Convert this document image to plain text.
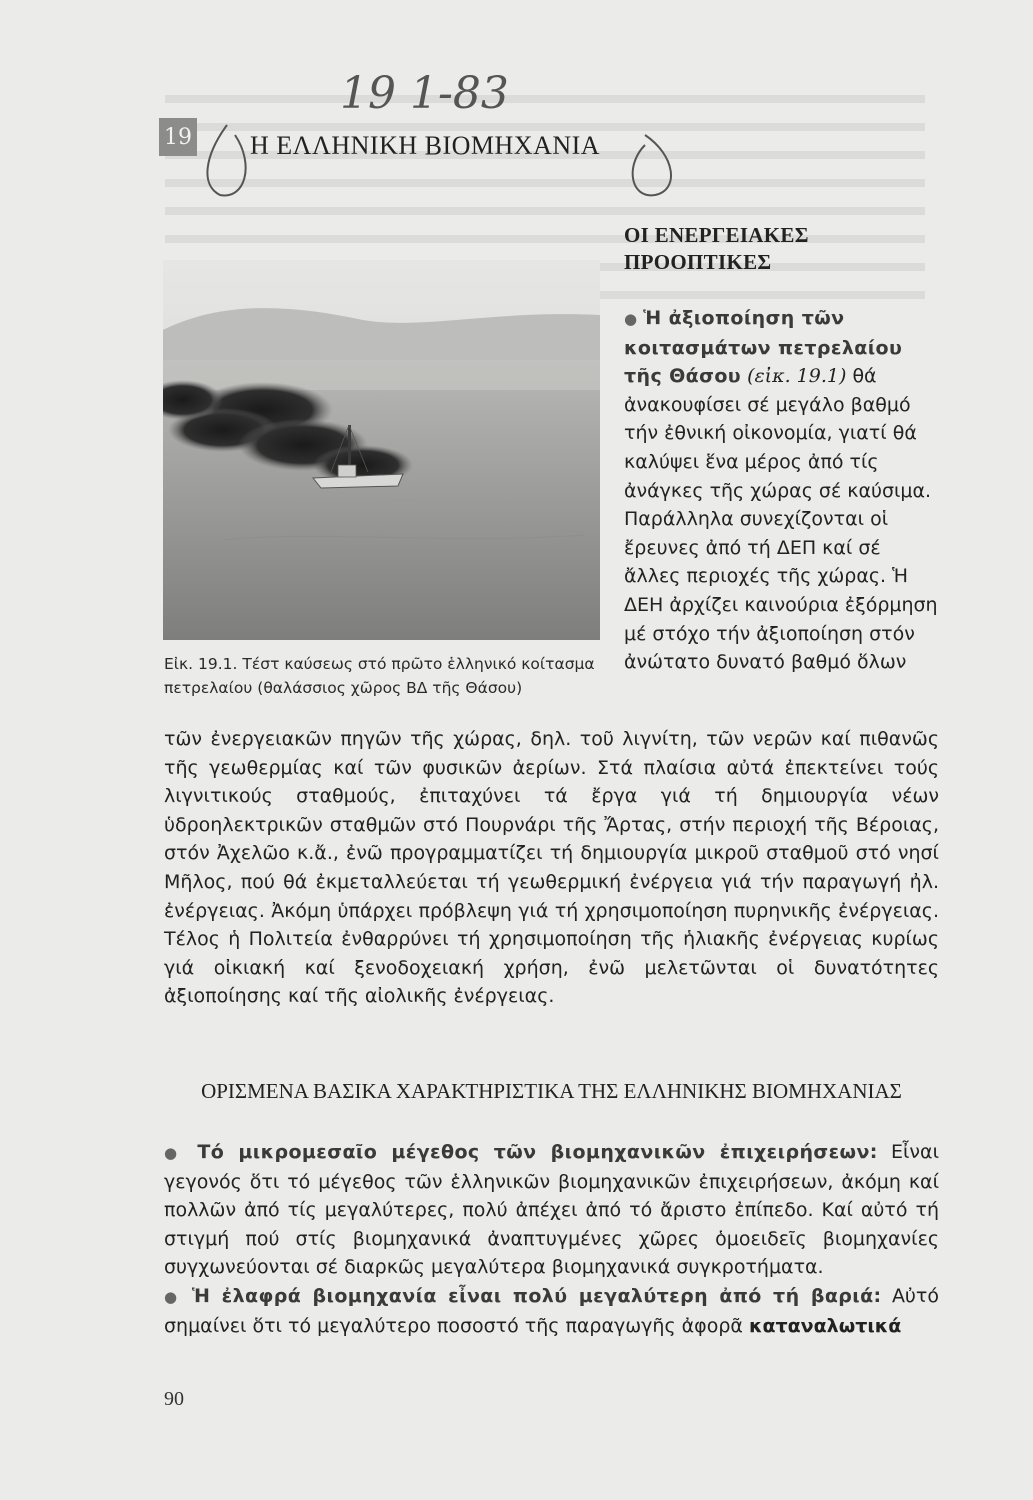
19 1-83
19 Η ΕΛΛΗΝΙΚΗ ΒΙΟΜΗΧΑΝΙΑ
Εἰκ. 19.1. Τέστ καύσεως στό πρῶτο ἑλληνικό κοίτασμα πετρελαίου (θαλάσσιος χῶρος ΒΔ τῆς Θάσου)
ΟΙ ΕΝΕΡΓΕΙΑΚΕΣ ΠΡΟΟΠΤΙΚΕΣ
● Ἡ ἀξιοποίηση τῶν κοιτασμάτων πετρελαίου τῆς Θάσου (εἰκ. 19.1) θά ἀνακουφίσει σέ μεγάλο βαθμό τήν ἐθνική οἰκονομία, γιατί θά καλύψει ἕνα μέρος ἀπό τίς ἀνάγκες τῆς χώρας σέ καύσιμα. Παράλληλα συνεχίζονται οἱ ἔρευνες ἀπό τή ΔΕΠ καί σέ ἄλλες περιοχές τῆς χώρας. Ἡ ΔΕΗ ἀρχίζει καινούρια ἐξόρμηση μέ στόχο τήν ἀξιοποίηση στόν ἀνώτατο δυνατό βαθμό ὅλων
τῶν ἐνεργειακῶν πηγῶν τῆς χώρας, δηλ. τοῦ λιγνίτη, τῶν νερῶν καί πιθανῶς τῆς γεωθερμίας καί τῶν φυσικῶν ἀερίων. Στά πλαίσια αὐτά ἐπεκτείνει τούς λιγνιτικούς σταθμούς, ἐπιταχύνει τά ἔργα γιά τή δημιουργία νέων ὑδροηλεκτρικῶν σταθμῶν στό Πουρνάρι τῆς Ἄρτας, στήν περιοχή τῆς Βέροιας, στόν Ἀχελῶο κ.ἄ., ἐνῶ προγραμματίζει τή δημιουργία μικροῦ σταθμοῦ στό νησί Μῆλος, πού θά ἐκμεταλλεύεται τή γεωθερμική ἐνέργεια γιά τήν παραγωγή ἠλ. ἐνέργειας. Ἀκόμη ὑπάρχει πρόβλεψη γιά τή χρησιμοποίηση πυρηνικῆς ἐνέργειας. Τέλος ἡ Πολιτεία ἐνθαρρύνει τή χρησιμοποίηση τῆς ἡλιακῆς ἐνέργειας κυρίως γιά οἰκιακή καί ξενοδοχειακή χρήση, ἐνῶ μελετῶνται οἱ δυνατότητες ἀξιοποίησης καί τῆς αἰολικῆς ἐνέργειας.
ΟΡΙΣΜΕΝΑ ΒΑΣΙΚΑ ΧΑΡΑΚΤΗΡΙΣΤΙΚΑ ΤΗΣ ΕΛΛΗΝΙΚΗΣ ΒΙΟΜΗΧΑΝΙΑΣ

● Τό μικρομεσαῖο μέγεθος τῶν βιομηχανικῶν ἐπιχειρήσεων: Εἶναι γεγονός ὅτι τό μέγεθος τῶν ἑλληνικῶν βιομηχανικῶν ἐπιχειρήσεων, ἀκόμη καί πολλῶν ἀπό τίς μεγαλύτερες, πολύ ἀπέχει ἀπό τό ἄριστο ἐπίπεδο. Καί αὐτό τή στιγμή πού στίς βιομηχανικά ἀναπτυγμένες χῶρες ὁμοειδεῖς βιομηχανίες συγχωνεύονται σέ διαρκῶς μεγαλύτερα βιομηχανικά συγκροτήματα.

● Ἡ ἐλαφρά βιομηχανία εἶναι πολύ μεγαλύτερη ἀπό τή βαριά: Αὐτό σημαίνει ὅτι τό μεγαλύτερο ποσοστό τῆς παραγωγῆς ἀφορᾶ καταναλωτικά

90
